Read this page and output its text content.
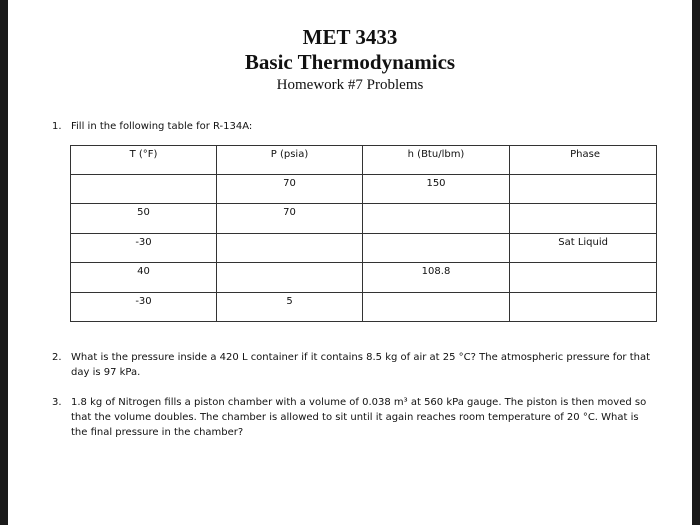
MET 3433
Basic Thermodynamics
Homework #7 Problems
1. Fill in the following table for R-134A:
T (°F)	P (psia)	h (Btu/lbm)	Phase
	70	150	
50	70		
-30			Sat Liquid
40		108.8	
-30	5		
2. What is the pressure inside a 420 L container if it contains 8.5 kg of air at 25 °C? The atmospheric pressure for that day is 97 kPa.
3. 1.8 kg of Nitrogen fills a piston chamber with a volume of 0.038 m³ at 560 kPa gauge. The piston is then moved so that the volume doubles. The chamber is allowed to sit until it again reaches room temperature of 20 °C. What is the final pressure in the chamber?
